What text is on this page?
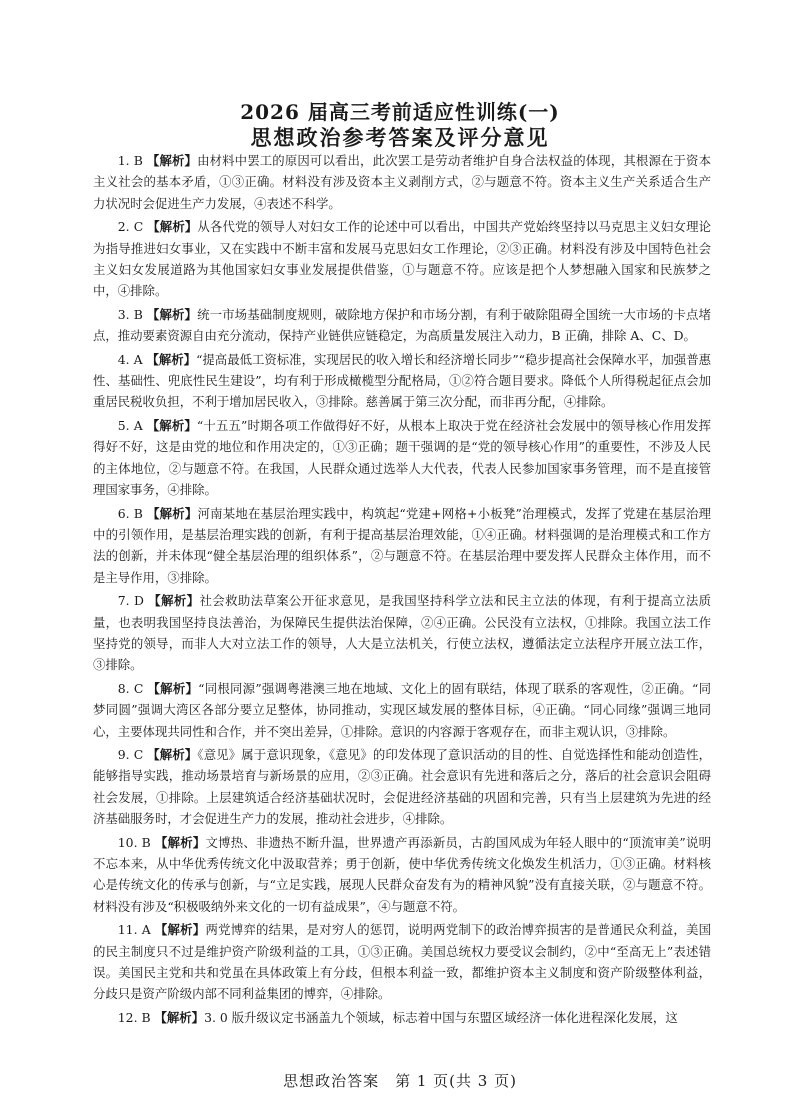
2026 届高三考前适应性训练(一)
思想政治参考答案及评分意见

1. B 【解析】由材料中罢工的原因可以看出，此次罢工是劳动者维护自身合法权益的体现，其根源在于资本主义社会的基本矛盾，①③正确。材料没有涉及资本主义剥削方式，②与题意不符。资本主义生产关系适合生产力状况时会促进生产力发展，④表述不科学。

2. C 【解析】从各代党的领导人对妇女工作的论述中可以看出，中国共产党始终坚持以马克思主义妇女理论为指导推进妇女事业，又在实践中不断丰富和发展马克思妇女工作理论，②③正确。材料没有涉及中国特色社会主义妇女发展道路为其他国家妇女事业发展提供借鉴，①与题意不符。应该是把个人梦想融入国家和民族梦之中，④排除。

3. B 【解析】统一市场基础制度规则，破除地方保护和市场分割，有利于破除阻碍全国统一大市场的卡点堵点，推动要素资源自由充分流动，保持产业链供应链稳定，为高质量发展注入动力，B 正确，排除 A、C、D。

4. A 【解析】“提高最低工资标准，实现居民的收入增长和经济增长同步”“稳步提高社会保障水平，加强普惠性、基础性、兜底性民生建设”，均有利于形成橄榄型分配格局，①②符合题目要求。降低个人所得税起征点会加重居民税收负担，不利于增加居民收入，③排除。慈善属于第三次分配，而非再分配，④排除。

5. A 【解析】“十五五”时期各项工作做得好不好，从根本上取决于党在经济社会发展中的领导核心作用发挥得好不好，这是由党的地位和作用决定的，①③正确；题干强调的是“党的领导核心作用”的重要性，不涉及人民的主体地位，②与题意不符。在我国，人民群众通过选举人大代表，代表人民参加国家事务管理，而不是直接管理国家事务，④排除。

6. B 【解析】河南某地在基层治理实践中，构筑起“党建+网格+小板凳”治理模式，发挥了党建在基层治理中的引领作用，是基层治理实践的创新，有利于提高基层治理效能，①④正确。材料强调的是治理模式和工作方法的创新，并未体现“健全基层治理的组织体系”，②与题意不符。在基层治理中要发挥人民群众主体作用，而不是主导作用，③排除。

7. D 【解析】社会救助法草案公开征求意见，是我国坚持科学立法和民主立法的体现，有利于提高立法质量，也表明我国坚持良法善治，为保障民生提供法治保障，②④正确。公民没有立法权，①排除。我国立法工作坚持党的领导，而非人大对立法工作的领导，人大是立法机关，行使立法权，遵循法定立法程序开展立法工作，③排除。

8. C 【解析】“同根同源”强调粤港澳三地在地域、文化上的固有联结，体现了联系的客观性，②正确。“同梦同圆”强调大湾区各部分要立足整体，协同推动，实现区域发展的整体目标，④正确。“同心同缘”强调三地同心，主要体现共同性和合作，并不突出差异，①排除。意识的内容源于客观存在，而非主观认识，③排除。

9. C 【解析】《意见》属于意识现象，《意见》的印发体现了意识活动的目的性、自觉选择性和能动创造性，能够指导实践，推动场景培育与新场景的应用，②③正确。社会意识有先进和落后之分，落后的社会意识会阻碍社会发展，①排除。上层建筑适合经济基础状况时，会促进经济基础的巩固和完善，只有当上层建筑为先进的经济基础服务时，才会促进生产力的发展，推动社会进步，④排除。

10. B 【解析】文博热、非遗热不断升温，世界遗产再添新员，古韵国风成为年轻人眼中的“顶流审美”说明不忘本来，从中华优秀传统文化中汲取营养；勇于创新，使中华优秀传统文化焕发生机活力，①③正确。材料核心是传统文化的传承与创新，与“立足实践，展现人民群众奋发有为的精神风貌”没有直接关联，②与题意不符。材料没有涉及“积极吸纳外来文化的一切有益成果”，④与题意不符。

11. A 【解析】两党博弈的结果，是对穷人的惩罚，说明两党制下的政治博弈损害的是普通民众利益，美国的民主制度只不过是维护资产阶级利益的工具，①③正确。美国总统权力要受议会制约，②中“至高无上”表述错误。美国民主党和共和党虽在具体政策上有分歧，但根本利益一致，都维护资本主义制度和资产阶级整体利益，分歧只是资产阶级内部不同利益集团的博弈，④排除。

12. B 【解析】3. 0 版升级议定书涵盖九个领域，标志着中国与东盟区域经济一体化进程深化发展，这

思想政治答案　第 1 页(共 3 页)
